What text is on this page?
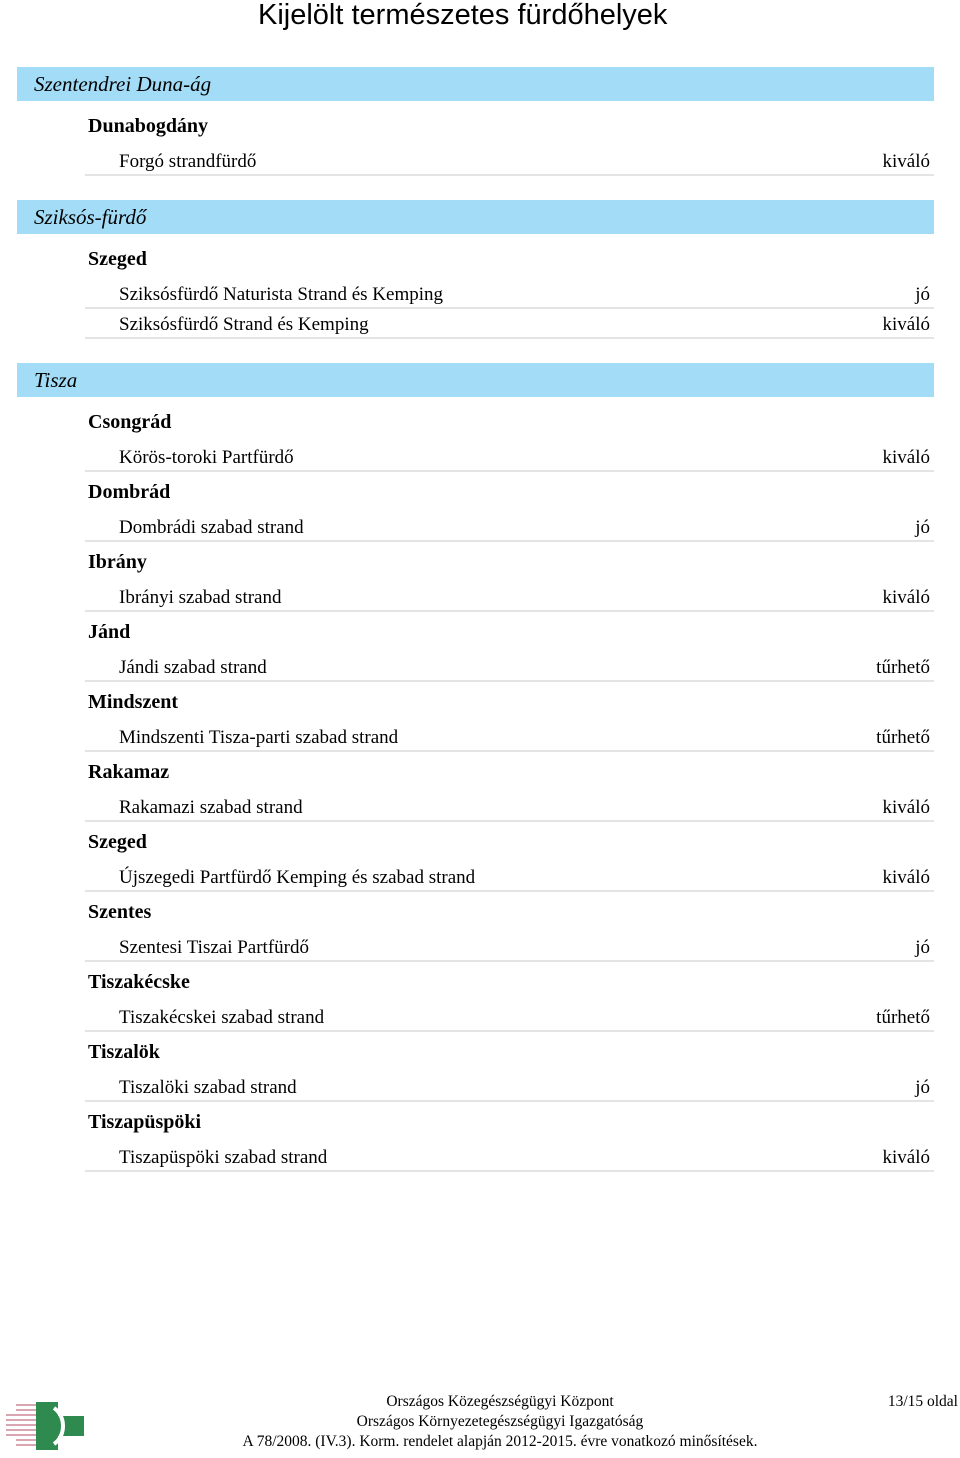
Kijelölt természetes fürdőhelyek
Szentendrei Duna-ág
Dunabogdány
Forgó strandfürdő	kiváló
Sziksós-fürdő
Szeged
Sziksósfürdő Naturista Strand és Kemping	jó
Sziksósfürdő Strand és Kemping	kiváló
Tisza
Csongrád
Körös-toroki Partfürdő	kiváló
Dombrád
Dombrádi szabad strand	jó
Ibrány
Ibrányi szabad strand	kiváló
Jánd
Jándi szabad strand	tűrhető
Mindszent
Mindszenti Tisza-parti szabad strand	tűrhető
Rakamaz
Rakamazi szabad strand	kiváló
Szeged
Újszegedi Partfürdő Kemping és szabad strand	kiváló
Szentes
Szentesi Tiszai Partfürdő	jó
Tiszakécske
Tiszakécskei szabad strand	tűrhető
Tiszalök
Tiszalöki szabad strand	jó
Tiszapüspöki
Tiszapüspöki szabad strand	kiváló
Országos Közegészségügyi Központ
Országos Környezetegészségügyi Igazgatóság
A 78/2008. (IV.3). Korm. rendelet alapján 2012-2015. évre vonatkozó minősítések.
13/15 oldal
